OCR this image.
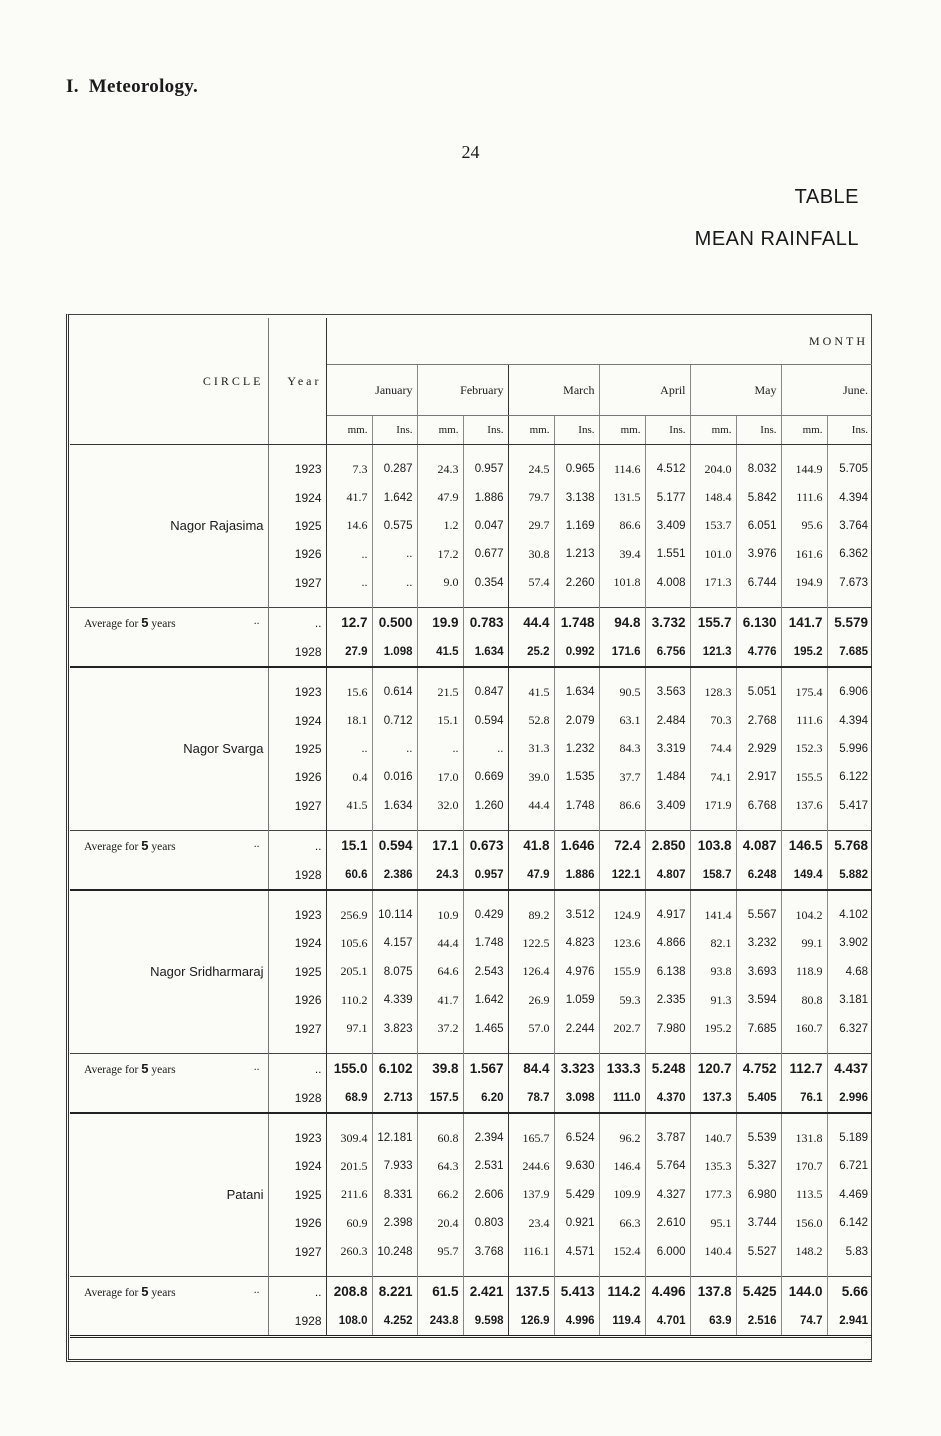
I. Meteorology.
24
TABLE
MEAN RAINFALL
CIRCLE	Year	MONTH											
		January		February		March		April		May		June.	
		mm.	Ins.	mm.	Ins.	mm.	Ins.	mm.	Ins.	mm.	Ins.	mm.	Ins.
Nagor Rajasima	1923	7.3	0.287	24.3	0.957	24.5	0.965	114.6	4.512	204.0	8.032	144.9	5.705
	1924	41.7	1.642	47.9	1.886	79.7	3.138	131.5	5.177	148.4	5.842	111.6	4.394
	1925	14.6	0.575	1.2	0.047	29.7	1.169	86.6	3.409	153.7	6.051	95.6	3.764
	1926	..	..	17.2	0.677	30.8	1.213	39.4	1.551	101.0	3.976	161.6	6.362
	1927	..	..	9.0	0.354	57.4	2.260	101.8	4.008	171.3	6.744	194.9	7.673

..
Average for 5 years	..	12.7	0.500	19.9	0.783	44.4	1.748	94.8	3.732	155.7	6.130	141.7	5.579
	1928	27.9	1.098	41.5	1.634	25.2	0.992	171.6	6.756	121.3	4.776	195.2	7.685
Nagor Svarga	1923	15.6	0.614	21.5	0.847	41.5	1.634	90.5	3.563	128.3	5.051	175.4	6.906
	1924	18.1	0.712	15.1	0.594	52.8	2.079	63.1	2.484	70.3	2.768	111.6	4.394
	1925	..	..	..	..	31.3	1.232	84.3	3.319	74.4	2.929	152.3	5.996
	1926	0.4	0.016	17.0	0.669	39.0	1.535	37.7	1.484	74.1	2.917	155.5	6.122
	1927	41.5	1.634	32.0	1.260	44.4	1.748	86.6	3.409	171.9	6.768	137.6	5.417

..
Average for 5 years	..	15.1	0.594	17.1	0.673	41.8	1.646	72.4	2.850	103.8	4.087	146.5	5.768
	1928	60.6	2.386	24.3	0.957	47.9	1.886	122.1	4.807	158.7	6.248	149.4	5.882
Nagor Sridharmaraj	1923	256.9	10.114	10.9	0.429	89.2	3.512	124.9	4.917	141.4	5.567	104.2	4.102
	1924	105.6	4.157	44.4	1.748	122.5	4.823	123.6	4.866	82.1	3.232	99.1	3.902
	1925	205.1	8.075	64.6	2.543	126.4	4.976	155.9	6.138	93.8	3.693	118.9	4.68
	1926	110.2	4.339	41.7	1.642	26.9	1.059	59.3	2.335	91.3	3.594	80.8	3.181
	1927	97.1	3.823	37.2	1.465	57.0	2.244	202.7	7.980	195.2	7.685	160.7	6.327

..
Average for 5 years	..	155.0	6.102	39.8	1.567	84.4	3.323	133.3	5.248	120.7	4.752	112.7	4.437
	1928	68.9	2.713	157.5	6.20	78.7	3.098	111.0	4.370	137.3	5.405	76.1	2.996
Patani	1923	309.4	12.181	60.8	2.394	165.7	6.524	96.2	3.787	140.7	5.539	131.8	5.189
	1924	201.5	7.933	64.3	2.531	244.6	9.630	146.4	5.764	135.3	5.327	170.7	6.721
	1925	211.6	8.331	66.2	2.606	137.9	5.429	109.9	4.327	177.3	6.980	113.5	4.469
	1926	60.9	2.398	20.4	0.803	23.4	0.921	66.3	2.610	95.1	3.744	156.0	6.142
	1927	260.3	10.248	95.7	3.768	116.1	4.571	152.4	6.000	140.4	5.527	148.2	5.83

..
Average for 5 years	..	208.8	8.221	61.5	2.421	137.5	5.413	114.2	4.496	137.8	5.425	144.0	5.66
	1928	108.0	4.252	243.8	9.598	126.9	4.996	119.4	4.701	63.9	2.516	74.7	2.941
